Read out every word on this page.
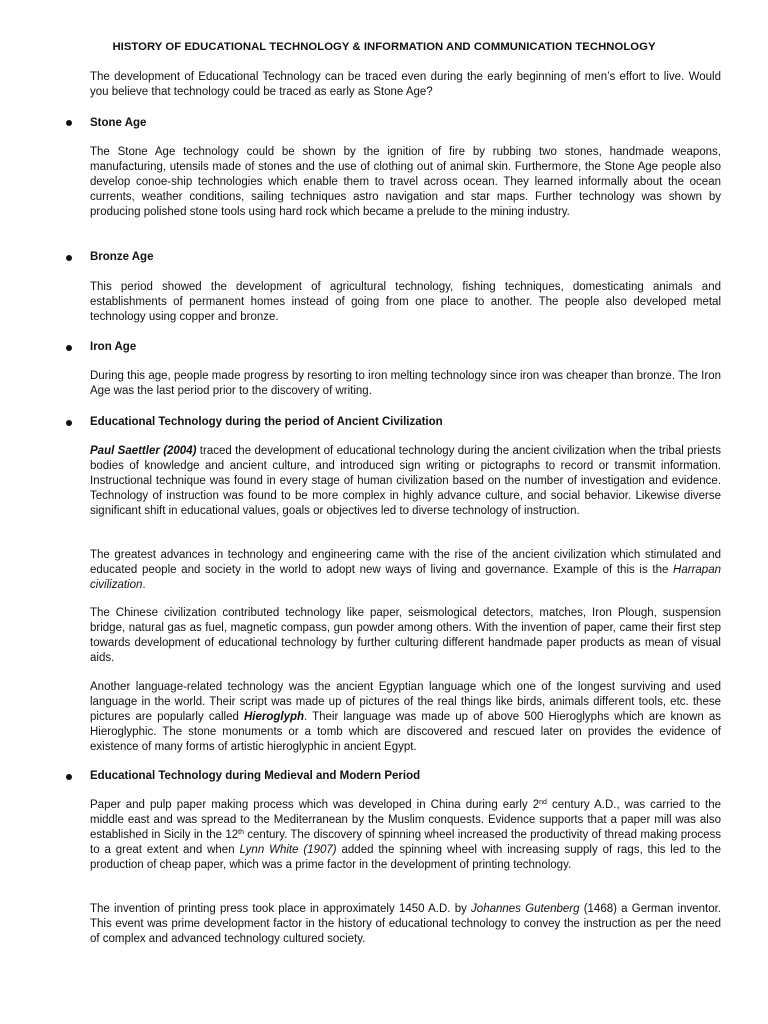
HISTORY OF EDUCATIONAL TECHNOLOGY & INFORMATION AND COMMUNICATION TECHNOLOGY

The development of Educational Technology can be traced even during the early beginning of men’s effort to live. Would you believe that technology could be traced as early as Stone Age?

Stone Age

The Stone Age technology could be shown by the ignition of fire by rubbing two stones, handmade weapons, manufacturing, utensils made of stones and the use of clothing out of animal skin. Furthermore, the Stone Age people also develop conoe-ship technologies which enable them to travel across ocean. They learned informally about the ocean currents, weather conditions, sailing techniques astro navigation and star maps. Further technology was shown by producing polished stone tools using hard rock which became a prelude to the mining industry.

Bronze Age

This period showed the development of agricultural technology, fishing techniques, domesticating animals and establishments of permanent homes instead of going from one place to another. The people also developed metal technology using copper and bronze.

Iron Age

During this age, people made progress by resorting to iron melting technology since iron was cheaper than bronze. The Iron Age was the last period prior to the discovery of writing.

Educational Technology during the period of Ancient Civilization

Paul Saettler (2004) traced the development of educational technology during the ancient civilization when the tribal priests bodies of knowledge and ancient culture, and introduced sign writing or pictographs to record or transmit information. Instructional technique was found in every stage of human civilization based on the number of investigation and evidence. Technology of instruction was found to be more complex in highly advance culture, and social behavior. Likewise diverse significant shift in educational values, goals or objectives led to diverse technology of instruction.

The greatest advances in technology and engineering came with the rise of the ancient civilization which stimulated and educated people and society in the world to adopt new ways of living and governance. Example of this is the Harrapan civilization.

The Chinese civilization contributed technology like paper, seismological detectors, matches, Iron Plough, suspension bridge, natural gas as fuel, magnetic compass, gun powder among others. With the invention of paper, came their first step towards development of educational technology by further culturing different handmade paper products as mean of visual aids.

Another language-related technology was the ancient Egyptian language which one of the longest surviving and used language in the world. Their script was made up of pictures of the real things like birds, animals different tools, etc. these pictures are popularly called Hieroglyph. Their language was made up of above 500 Hieroglyphs which are known as Hieroglyphic. The stone monuments or a tomb which are discovered and rescued later on provides the evidence of existence of many forms of artistic hieroglyphic in ancient Egypt.

Educational Technology during Medieval and Modern Period

Paper and pulp paper making process which was developed in China during early 2nd century A.D., was carried to the middle east and was spread to the Mediterranean by the Muslim conquests. Evidence supports that a paper mill was also established in Sicily in the 12th century. The discovery of spinning wheel increased the productivity of thread making process to a great extent and when Lynn White (1907) added the spinning wheel with increasing supply of rags, this led to the production of cheap paper, which was a prime factor in the development of printing technology.

The invention of printing press took place in approximately 1450 A.D. by Johannes Gutenberg (1468) a German inventor. This event was prime development factor in the history of educational technology to convey the instruction as per the need of complex and advanced technology cultured society.
